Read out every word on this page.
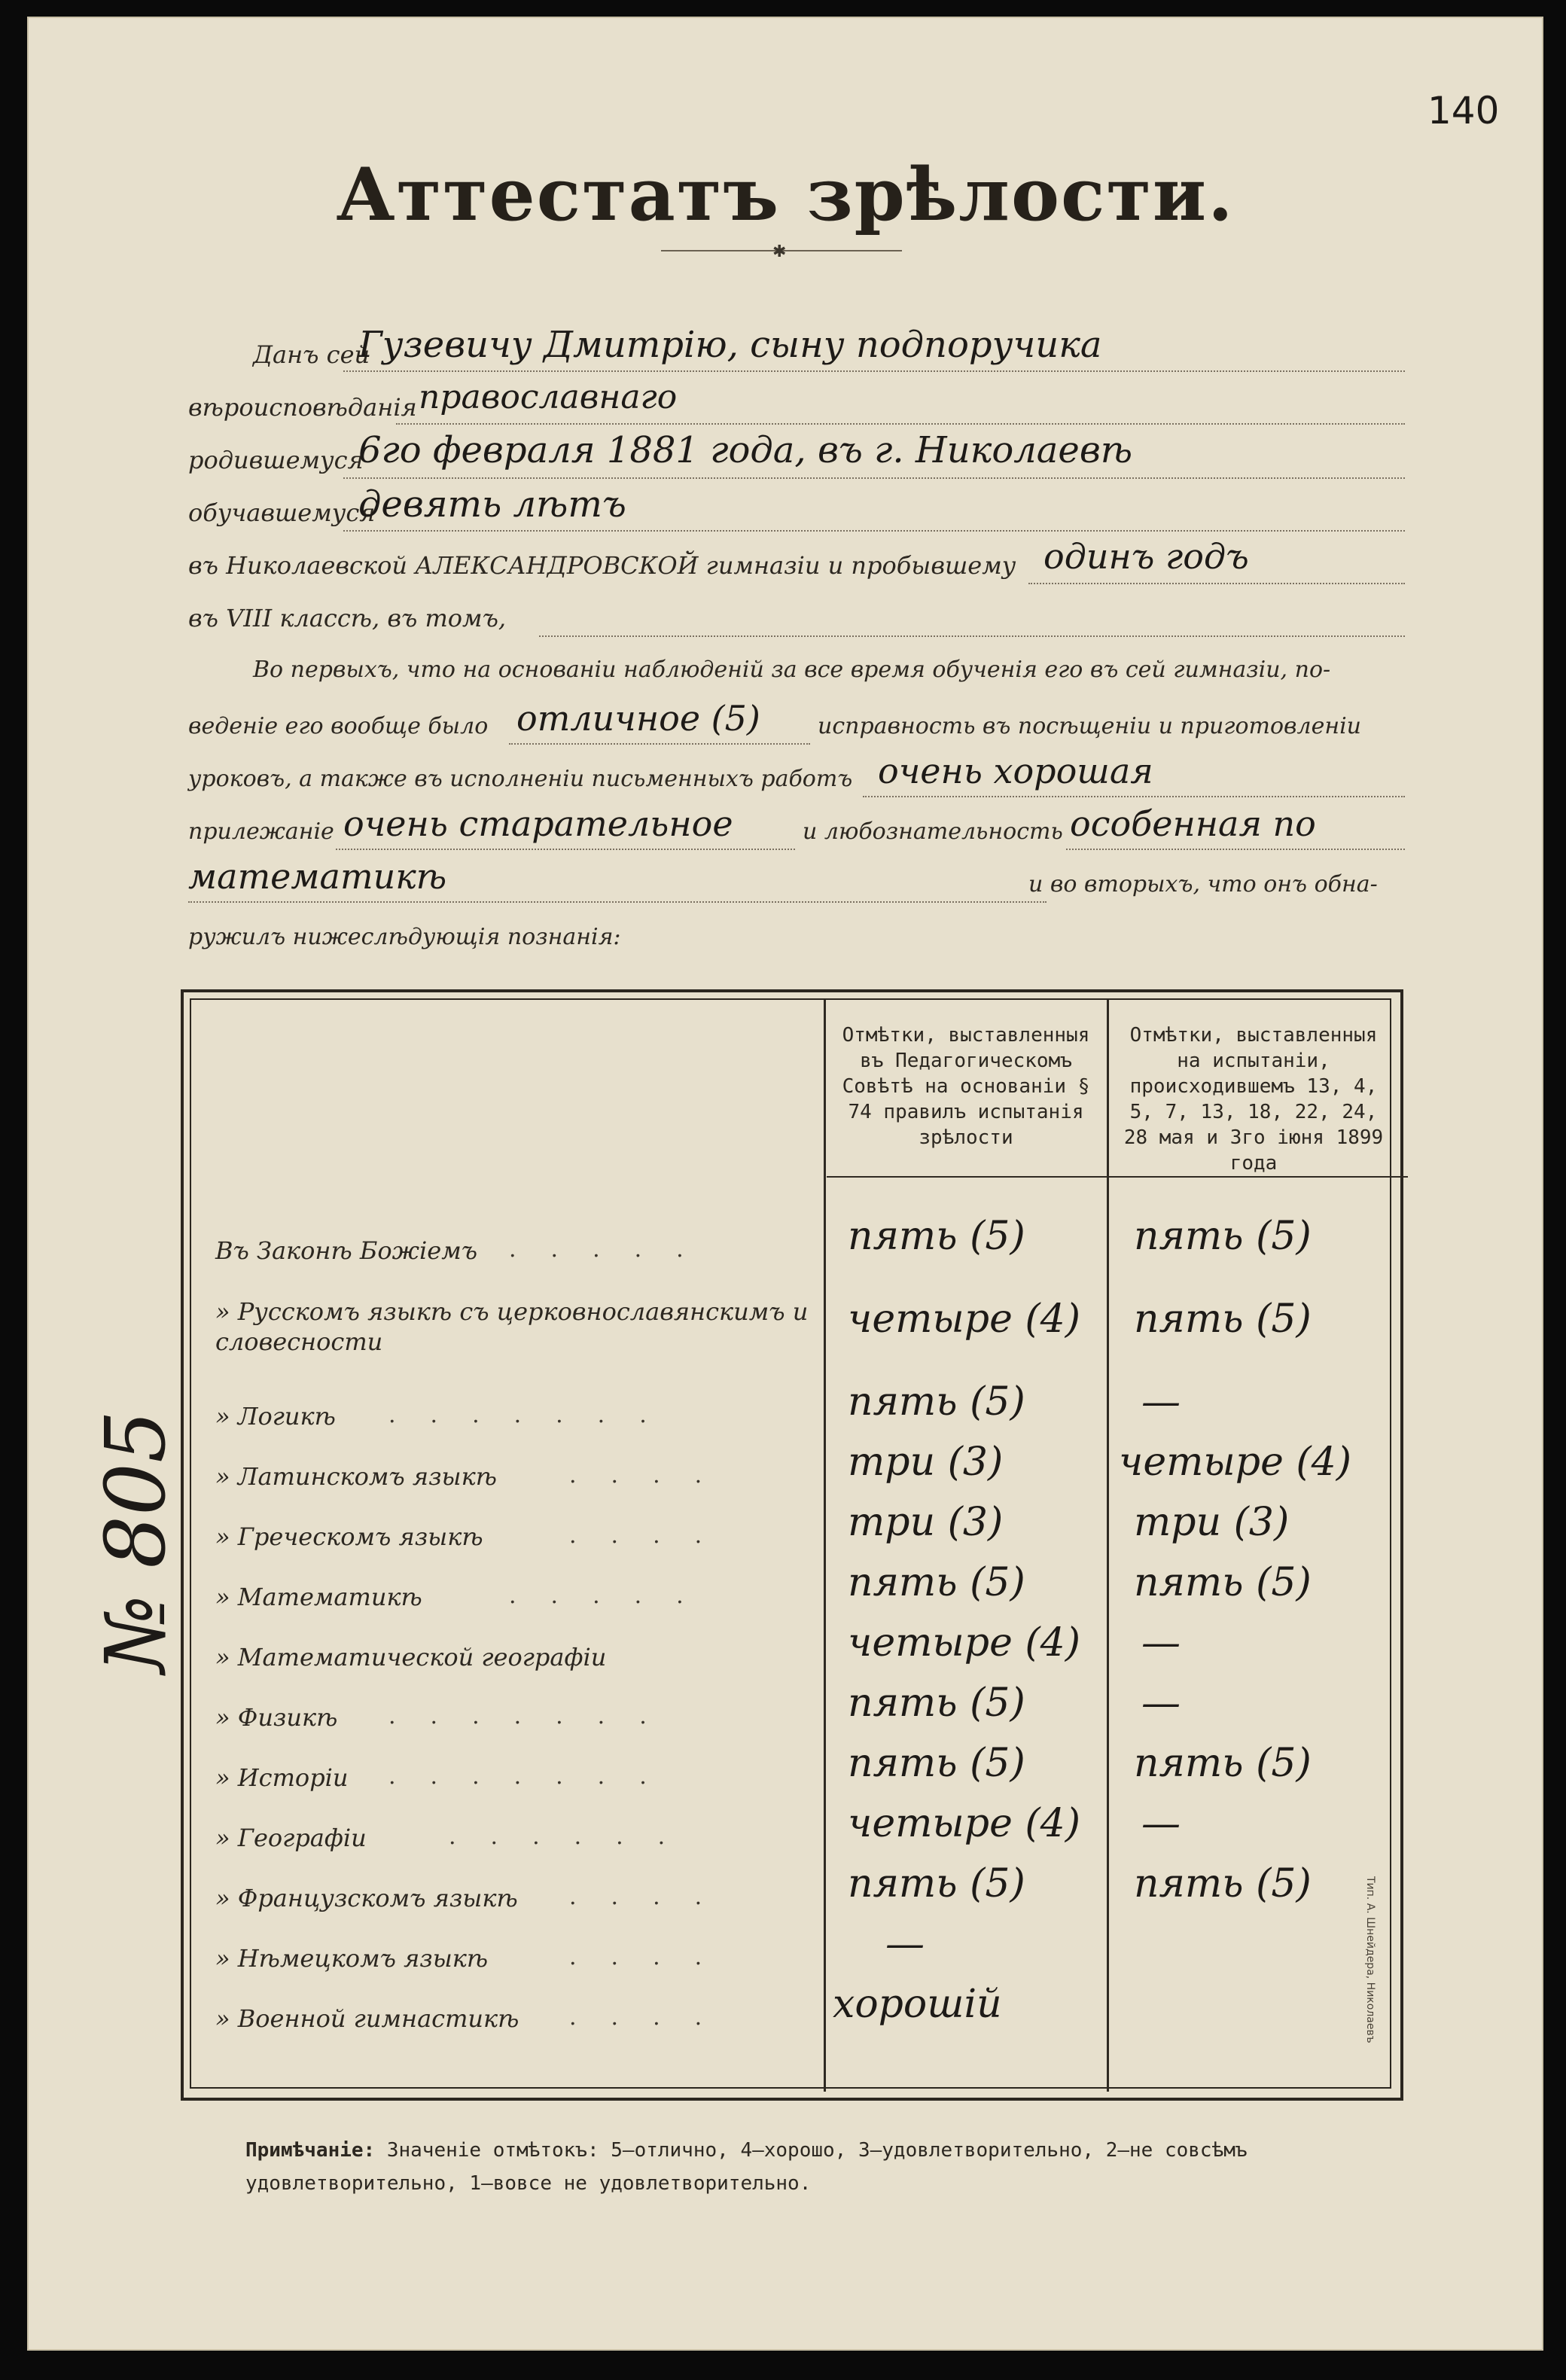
140
Аттестатъ зрѣлости.
✱
Данъ сей
Гузевичу Дмитрію, сыну подпоручика
вѣроисповѣданія православнаго
родившемуся
6го февраля 1881 года, въ г. Николаевѣ
обучавшемуся
девять лѣтъ
въ Николаевской АЛЕКСАНДРОВСКОЙ гимназіи и пробывшему одинъ годъ
въ VIII классѣ, въ томъ,
Во первыхъ, что на основаніи наблюденій за все время обученія его въ сей гимназіи, по-
веденіе его вообще было отличное (5)	исправность въ посѣщеніи и приготовленіи
уроковъ, а также въ исполненіи письменныхъ работъ очень хорошая
прилежаніе очень старательное	и любознательность особенная по
математикѣ	и во вторыхъ, что онъ обна-
ружилъ нижеслѣдующія познанія:
Отмѣтки, выставленныя въ Педагогическомъ Совѣтѣ на основаніи § 74 правилъ испытанія зрѣлости
Отмѣтки, выставленныя на испытаніи, происходившемъ 13, 4, 5, 7, 13, 18, 22, 24, 28 мая и 3го іюня 1899 года
Тип. А. Шнейдера, Николаевъ
Въ Законѣ Божіемъ .....	пять (5)	пять (5)
» Русскомъ языкѣ съ церковнославянскимъ и словесности	четыре (4) пять (5)
» Логикѣ .......	пять (5)	—
» Латинскомъ языкѣ	....	три (3)	четыре (4)
» Греческомъ языкѣ	....	три (3)	три (3)
» Математикѣ	.....	пять (5)	пять (5)
» Математической географіи	четыре (4) —
» Физикѣ .......	пять (5)	—
» Исторіи .......	пять (5)	пять (5)
» Географіи	......	четыре (4) —
» Французскомъ языкѣ ....	пять (5)	пять (5)
» Нѣмецкомъ языкѣ	....	—
» Военной гимнастикѣ .... хорошій
№ 805
Примѣчаніе: Значеніе отмѣтокъ: 5—отлично, 4—хорошо, 3—удовлетворительно, 2—не совсѣмъ удовлетворительно, 1—вовсе не удовлетворительно.
